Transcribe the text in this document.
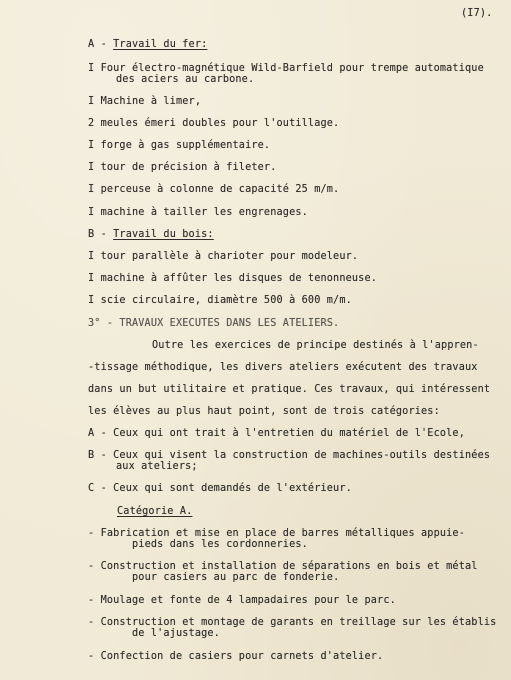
(I7).
A - Travail du fer:
I Four électro-magnétique Wild-Barfield pour trempe automatique
des aciers au carbone.
I Machine à limer,
2 meules émeri doubles pour l'outillage.
I forge à gas supplémentaire.
I tour de précision à fileter.
I perceuse à colonne de capacité 25 m/m.
I machine à tailler les engrenages.
B - Travail du bois:
I tour parallèle à charioter pour modeleur.
I machine à affûter les disques de tenonneuse.
I scie circulaire, diamètre 500 à 600 m/m.
3° - TRAVAUX EXECUTES DANS LES ATELIERS.
Outre les exercices de principe destinés à l'appren-
-tissage méthodique, les divers ateliers exécutent des travaux
dans un but utilitaire et pratique. Ces travaux, qui intéressent
les élèves au plus haut point, sont de trois catégories:
A - Ceux qui ont trait à l'entretien du matériel de l'Ecole,
B - Ceux qui visent la construction de machines-outils destinées
aux ateliers;
C - Ceux qui sont demandés de l'extérieur.
Catégorie A.
- Fabrication et mise en place de barres métalliques appuie-
pieds dans les cordonneries.
- Construction et installation de séparations en bois et métal
pour casiers au parc de fonderie.
- Moulage et fonte de 4 lampadaires pour le parc.
- Construction et montage de garants en treillage sur les établis
de l'ajustage.
- Confection de casiers pour carnets d'atelier.
